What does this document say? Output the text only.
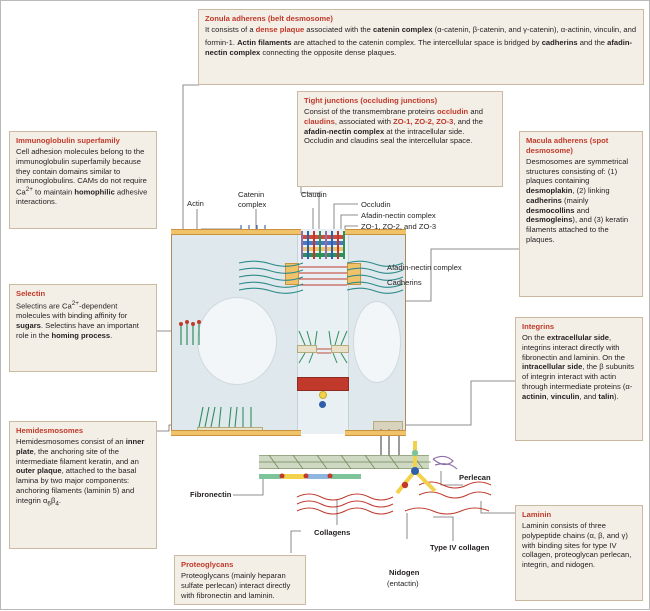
Actin
Catenin
complex
Claudin
Occludin
Afadin-nectin complex
ZO-1, ZO-2, and ZO-3
Afadin-nectin complex
Cadherins
Fibronectin
Collagens
Perlecan
Type IV collagen
Nidogen
(entactin)
Zonula adherens (belt desmosome)
It consists of a dense plaque associated with the catenin complex (α-catenin, β-catenin, and γ-catenin), α-actinin, vinculin, and formin-1. Actin filaments are attached to the catenin complex. The intercellular space is bridged by cadherins and the afadin-nectin complex connecting the opposite dense plaques.
Tight junctions (occluding junctions)
Consist of the transmembrane proteins occludin and claudins, associated with ZO-1, ZO-2, ZO-3, and the afadin-nectin complex at the intracellular side. Occludin and claudins seal the intercellular space.
Immunoglobulin superfamily
Cell adhesion molecules belong to the immunoglobulin superfamily because they contain domains similar to immunoglobulins. CAMs do not require $Ca^{2+}$ to maintain homophilic adhesive interactions.
Selectin
Selectins are $Ca^{2+}$-dependent molecules with binding affinity for sugars. Selectins have an important role in the homing process.
Macula adherens (spot desmosome)
Desmosomes are symmetrical structures consisting of: (1) plaques containing desmoplakin, (2) linking cadherins (mainly desmocollins and desmogleins), and (3) keratin filaments attached to the plaques.
Integrins
On the extracellular side, integrins interact directly with fibronectin and laminin. On the intracellular side, the β subunits of integrin interact with actin through intermediate proteins (α-actinin, vinculin, and talin).
Hemidesmosomes
Hemidesmosomes consist of an inner plate, the anchoring site of the intermediate filament keratin, and an outer plaque, attached to the basal lamina by two major components: anchoring filaments (laminin 5) and integrin $\alpha_6\beta_4$.
Proteoglycans
Proteoglycans (mainly heparan sulfate perlecan) interact directly with fibronectin and laminin.
Laminin
Laminin consists of three polypeptide chains (α, β, and γ) with binding sites for type IV collagen, proteoglycan perlecan, integrin, and nidogen.
